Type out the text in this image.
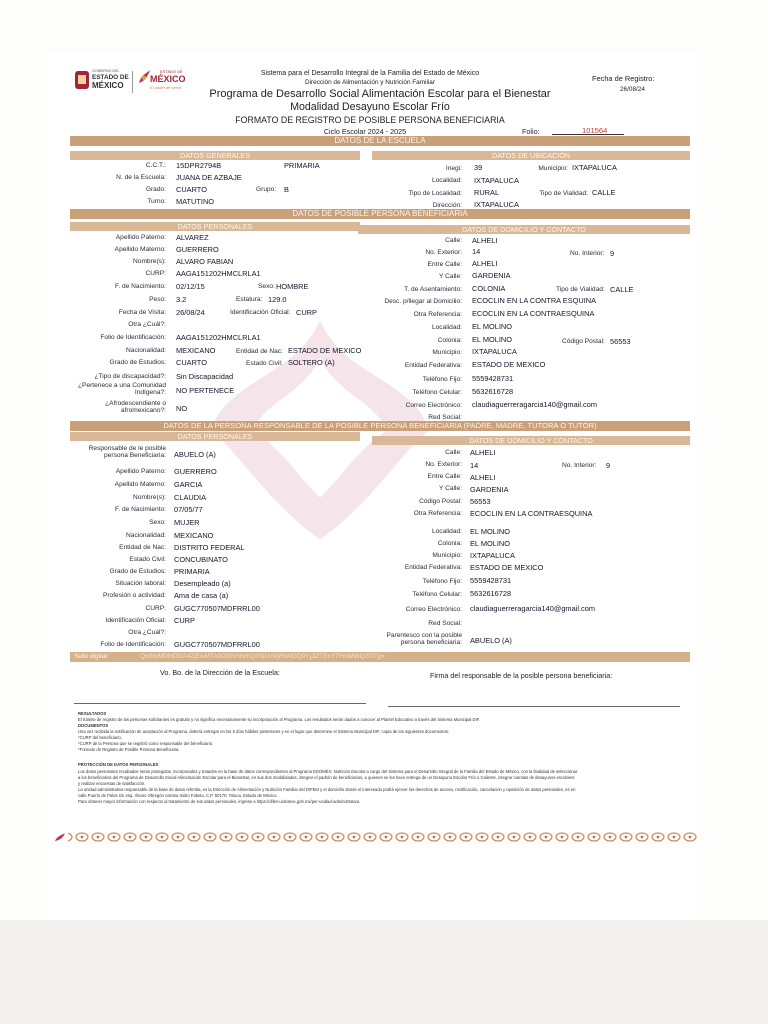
GOBIERNO DEL
ESTADO DE
MÉXICO
ESTADO DE
MÉXICO
El poder de servir
Sistema para el Desarrollo Integral de la Familia del Estado de México
Dirección de Alimentación y Nutrición Familiar
Programa de Desarrollo Social Alimentación Escolar para el Bienestar
Modalidad Desayuno Escolar Frío
FORMATO DE REGISTRO DE POSIBLE PERSONA BENEFICIARIA
Ciclo Escolar 2024 - 2025	Folio:	101564
Fecha de Registro:
26/08/24
DATOS DE LA ESCUELA
DATOS GENERALES	DATOS DE UBICACIÓN
C.C.T.: 15DPR2794B	PRIMARIA
N. de la Escuela: JUANA DE AZBAJE
Grado: CUARTO	Grupo: B
Turno: MATUTINO
Inegi: 39	Municipio: IXTAPALUCA
Localidad: IXTAPALUCA
Tipo de Localidad: RURAL	Tipo de Vialidad: CALLE
Dirección: IXTAPALUCA
DATOS DE POSIBLE PERSONA BENEFICIARIA
DATOS PERSONALES	DATOS DE DOMICILIO Y CONTACTO
Apellido Paterno: ALVAREZ
Apellido Materno: GUERRERO
Nombre(s): ALVARO FABIAN
CURP: AAGA151202HMCLRLA1
F. de Nacimiento: 02/12/15	Sexo: HOMBRE
Peso: 3.2	Estatura: 129.0
Fecha de Visita: 26/08/24	Identificación Oficial: CURP
Otra ¿Cuál?:
Folio de Identificación: AAGA151202HMCLRLA1
Nacionalidad: MEXICANO	Entidad de Nac: ESTADO DE MEXICO
Grado de Estudios: CUARTO	Estado Civil: SOLTERO (A)
¿Tipo de discapacidad?: Sin Discapacidad
¿Pertenece a una Comunidad Indígena?: NO PERTENECE
¿Afrodescendiente o afromexicano?: NO
Calle: ALHELI
No. Exterior: 14	No. Interior: 9
Entre Calle: ALHELI
Y Calle: GARDENIA
T. de Asentamiento: COLONIA	Tipo de Vialidad: CALLE
Desc. p/llegar al Domicilio: ECOCLIN EN LA CONTRA ESQUINA
Otra Referencia: ECOCLIN EN LA CONTRAESQUINA
Localidad: EL MOLINO
Colonia: EL MOLINO	Código Postal: 56553
Municipio: IXTAPALUCA
Entidad Federativa: ESTADO DE MEXICO
Teléfono Fijo: 5559428731
Teléfono Celular: 5632616728
Correo Electrónico: claudiaguerreragarcia140@gmail.com
Red Social:
DATOS DE LA PERSONA RESPONSABLE DE LA POSIBLE PERSONA BENEFICIARIA (PADRE, MADRE, TUTORA O TUTOR)
DATOS PERSONALES	DATOS DE DOMICILIO Y CONTACTO
Responsable de le posible persona Beneficiaria: ABUELO (A)
Apellido Paterno: GUERRERO
Apellido Materno: GARCIA
Nombre(s): CLAUDIA
F. de Nacimiento: 07/05/77
Sexo: MUJER
Nacionalidad: MEXICANO
Entidad de Nac: DISTRITO FEDERAL
Estado Civil: CONCUBINATO
Grado de Estudios: PRIMARIA
Situación laboral: Desempleado (a)
Profesión o actividad: Ama de casa (a)
CURP: GUGC770507MDFRRL00
Identificación Oficial: CURP
Otra ¿Cuál?:
Folio de Identificación: GUGC770507MDFRRL00
Calle: ALHELI
No. Exterior: 14	No. Interior: 9
Entre Calle: ALHELI
Y Calle: GARDENIA
Código Postal: 56553
Otra Referencia: ECOCLIN EN LA CONTRAESQUINA
Localidad: EL MOLINO
Colonia: EL MOLINO
Municipio: IXTAPALUCA
Entidad Federativa: ESTADO DE MEXICO
Teléfono Fijo: 5559428731
Teléfono Celular: 5632616728
Correo Electrónico: claudiaguerreragarcia140@gmail.com
Red Social:
Parentesco con la posible persona beneficiaria: ABUELO (A)
Sello digital:	QmNvMDhlODA4ZjEwMTA0OWVhNmQ3NjUzMjRhNGQ0YjJiZTExYTFmMWQ2OTg=
Vo. Bo. de la Dirección de la Escuela:	Firma del responsable de la posible persona beneficiaria:
RESULTADOS
El trámite de registro de las personas solicitantes es gratuito y no significa necesariamente su incorporación al Programa. Los resultados serán dados a conocer al Plantel Educativo a través del Sistema Municipal DIF.
DOCUMENTOS
Una vez recibida la notificación de aceptación al Programa, deberá entregar en los 5 días hábiles posteriores y en el lugar que determine el Sistema Municipal DIF, copia de los siguientes documentos:
*CURP del beneficiario,
*CURP de la Persona que se registró como responsable del beneficiario.
*Formato de Registro de Posible Persona Beneficiaria.
PROTECCIÓN DE DATOS PERSONALES
Los datos personales recabados serán protegidos, incorporados y tratados en la base de datos correspondientes al Programa EDOMÉX: Nutrición Escolar a cargo del Sistema para el Desarrollo Integral de la Familia del Estado de México, con la finalidad de seleccionar
a los beneficiarios del Programa de Desarrollo Social Alimentación Escolar para el Bienestar, en sus dos modalidades, integrar el padrón de beneficiarios, a quienes se les hace entrega de un Desayuno Escolar Frío o Caliente, integrar carnitas de desayunos escolares
y realizar encuestas de satisfacción.
La unidad administrativa responsable de la base de datos referida, es la Dirección de Alimentación y Nutrición Familiar del DIFEM y el domicilio donde el interesado podrá ejercer los derechos de acceso, rectificación, cancelación y oposición de datos personales, es en
calle Puerto de Palos s/n esq. Álvaro Obregón colonia Isidro Fabela, C.P. 50170, Toluca, Estado de México.
Para obtener mayor información con respecto al tratamiento de sus datos personales, ingrese a https://difem.edomex.gob.mx/per-unidad-administrativa.
